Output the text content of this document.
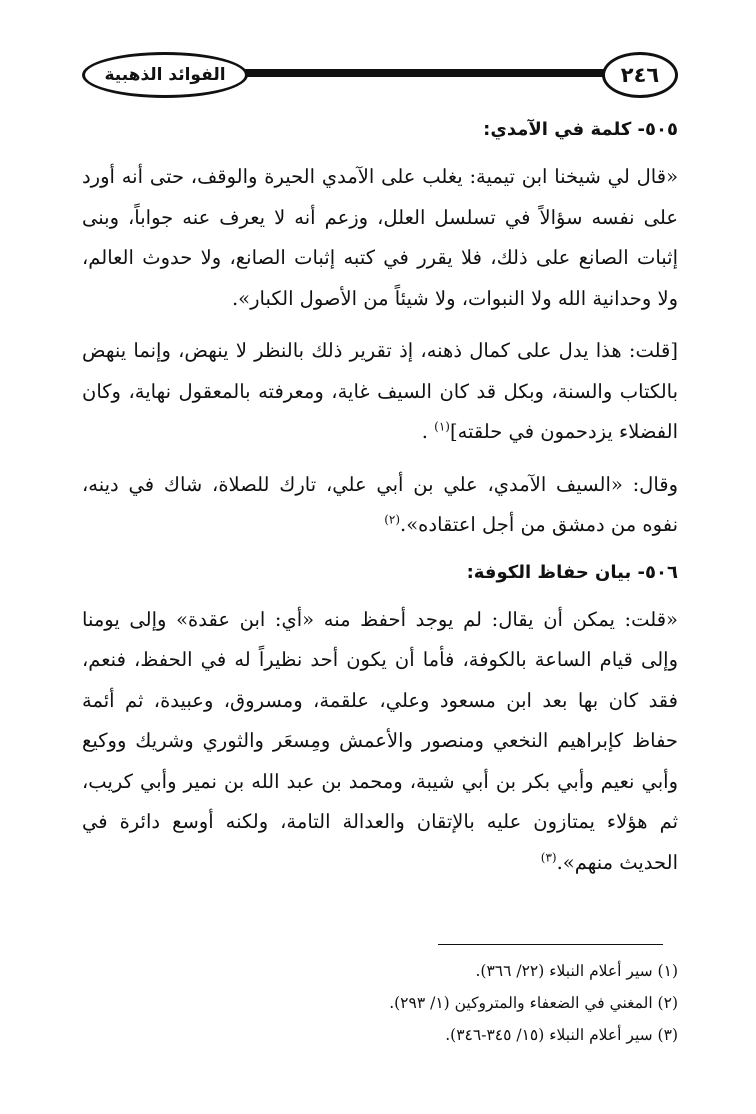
٢٤٦
الفوائد الذهبية
٥٠٥- كلمة في الآمدي:

«قال لي شيخنا ابن تيمية: يغلب على الآمدي الحيرة والوقف، حتى أنه أورد على نفسه سؤالاً في تسلسل العلل، وزعم أنه لا يعرف عنه جواباً، وبنى إثبات الصانع على ذلك، فلا يقرر في كتبه إثبات الصانع، ولا حدوث العالم، ولا وحدانية الله ولا النبوات، ولا شيئاً من الأصول الكبار».

[قلت: هذا يدل على كمال ذهنه، إذ تقرير ذلك بالنظر لا ينهض، وإنما ينهض بالكتاب والسنة، وبكل قد كان السيف غاية، ومعرفته بالمعقول نهاية، وكان الفضلاء يزدحمون في حلقته]$^{(١)}$ .

وقال: «السيف الآمدي، علي بن أبي علي، تارك للصلاة، شاك في دينه، نفوه من دمشق من أجل اعتقاده».$^{(٢)}$

٥٠٦- بيان حفاظ الكوفة:

«قلت: يمكن أن يقال: لم يوجد أحفظ منه «أي: ابن عقدة» وإلى يومنا وإلى قيام الساعة بالكوفة، فأما أن يكون أحد نظيراً له في الحفظ، فنعم، فقد كان بها بعد ابن مسعود وعلي، علقمة، ومسروق، وعبيدة، ثم أئمة حفاظ كإبراهيم النخعي ومنصور والأعمش ومِسعَر والثوري وشريك ووكيع وأبي نعيم وأبي بكر بن أبي شيبة، ومحمد بن عبد الله بن نمير وأبي كريب، ثم هؤلاء يمتازون عليه بالإتقان والعدالة التامة، ولكنه أوسع دائرة في الحديث منهم».$^{(٣)}$

(١) سير أعلام النبلاء (٢٢/ ٣٦٦).
(٢) المغني في الضعفاء والمتروكين (١/ ٢٩٣).
(٣) سير أعلام النبلاء (١٥/ ٣٤٥-٣٤٦).
